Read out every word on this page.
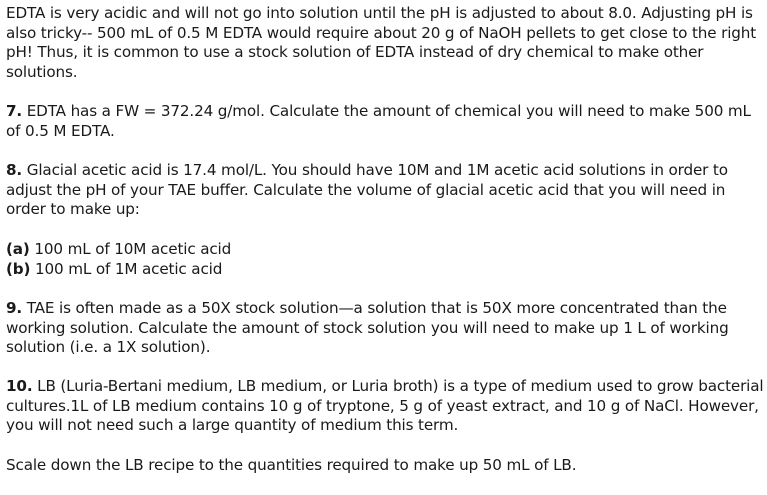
EDTA is very acidic and will not go into solution until the pH is adjusted to about 8.0. Adjusting pH is also tricky-- 500 mL of 0.5 M EDTA would require about 20 g of NaOH pellets to get close to the right pH! Thus, it is common to use a stock solution of EDTA instead of dry chemical to make other solutions.

7. EDTA has a FW = 372.24 g/mol. Calculate the amount of chemical you will need to make 500 mL of 0.5 M EDTA.

8. Glacial acetic acid is 17.4 mol/L. You should have 10M and 1M acetic acid solutions in order to adjust the pH of your TAE buffer. Calculate the volume of glacial acetic acid that you will need in order to make up:

(a) 100 mL of 10M acetic acid
(b) 100 mL of 1M acetic acid

9. TAE is often made as a 50X stock solution—a solution that is 50X more concentrated than the working solution. Calculate the amount of stock solution you will need to make up 1 L of working solution (i.e. a 1X solution).

10. LB (Luria-Bertani medium, LB medium, or Luria broth) is a type of medium used to grow bacterial cultures.1L of LB medium contains 10 g of tryptone, 5 g of yeast extract, and 10 g of NaCl. However, you will not need such a large quantity of medium this term.

Scale down the LB recipe to the quantities required to make up 50 mL of LB.
